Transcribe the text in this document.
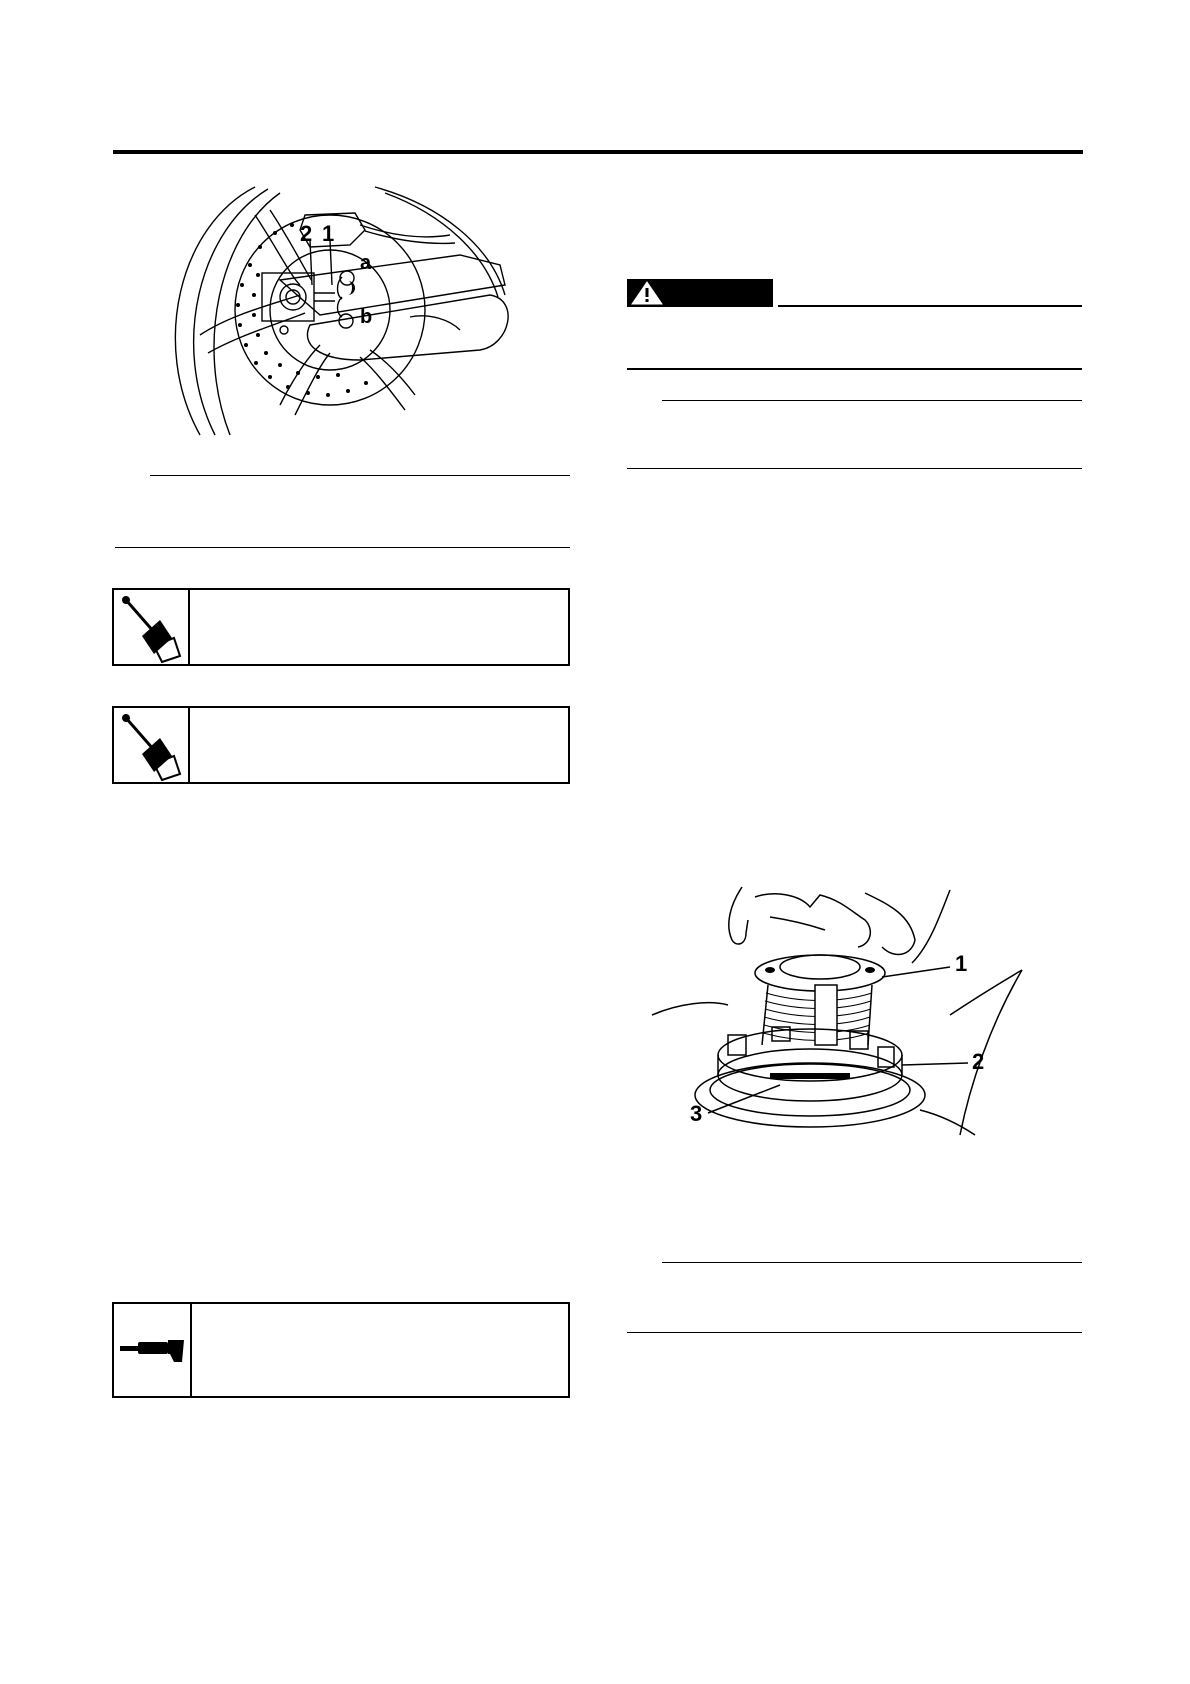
2 1
a
b
1
2
3
